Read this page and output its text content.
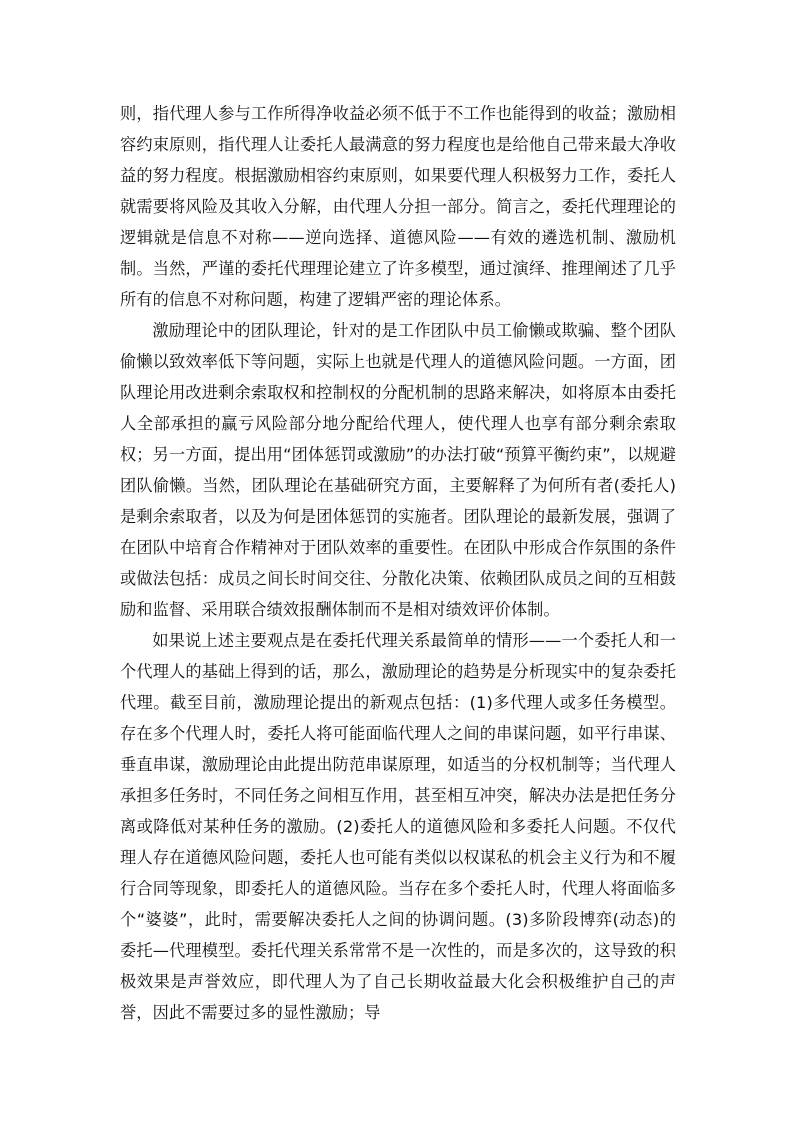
则，指代理人参与工作所得净收益必须不低于不工作也能得到的收益；激励相容约束原则，指代理人让委托人最满意的努力程度也是给他自己带来最大净收益的努力程度。根据激励相容约束原则，如果要代理人积极努力工作，委托人就需要将风险及其收入分解，由代理人分担一部分。简言之，委托代理理论的逻辑就是信息不对称——逆向选择、道德风险——有效的遴选机制、激励机制。当然，严谨的委托代理理论建立了许多模型，通过演绎、推理阐述了几乎所有的信息不对称问题，构建了逻辑严密的理论体系。

激励理论中的团队理论，针对的是工作团队中员工偷懒或欺骗、整个团队偷懒以致效率低下等问题，实际上也就是代理人的道德风险问题。一方面，团队理论用改进剩余索取权和控制权的分配机制的思路来解决，如将原本由委托人全部承担的赢亏风险部分地分配给代理人，使代理人也享有部分剩余索取权；另一方面，提出用“团体惩罚或激励”的办法打破“预算平衡约束”，以规避团队偷懒。当然，团队理论在基础研究方面，主要解释了为何所有者(委托人)是剩余索取者，以及为何是团体惩罚的实施者。团队理论的最新发展，强调了在团队中培育合作精神对于团队效率的重要性。在团队中形成合作氛围的条件或做法包括：成员之间长时间交往、分散化决策、依赖团队成员之间的互相鼓励和监督、采用联合绩效报酬体制而不是相对绩效评价体制。

如果说上述主要观点是在委托代理关系最简单的情形——一个委托人和一个代理人的基础上得到的话，那么，激励理论的趋势是分析现实中的复杂委托代理。截至目前，激励理论提出的新观点包括：(1)多代理人或多任务模型。存在多个代理人时，委托人将可能面临代理人之间的串谋问题，如平行串谋、垂直串谋，激励理论由此提出防范串谋原理，如适当的分权机制等；当代理人承担多任务时，不同任务之间相互作用，甚至相互冲突，解决办法是把任务分离或降低对某种任务的激励。(2)委托人的道德风险和多委托人问题。不仅代理人存在道德风险问题，委托人也可能有类似以权谋私的机会主义行为和不履行合同等现象，即委托人的道德风险。当存在多个委托人时，代理人将面临多个“婆婆”，此时，需要解决委托人之间的协调问题。(3)多阶段博弈(动态)的委托—代理模型。委托代理关系常常不是一次性的，而是多次的，这导致的积极效果是声誉效应，即代理人为了自己长期收益最大化会积极维护自己的声誉，因此不需要过多的显性激励；导
